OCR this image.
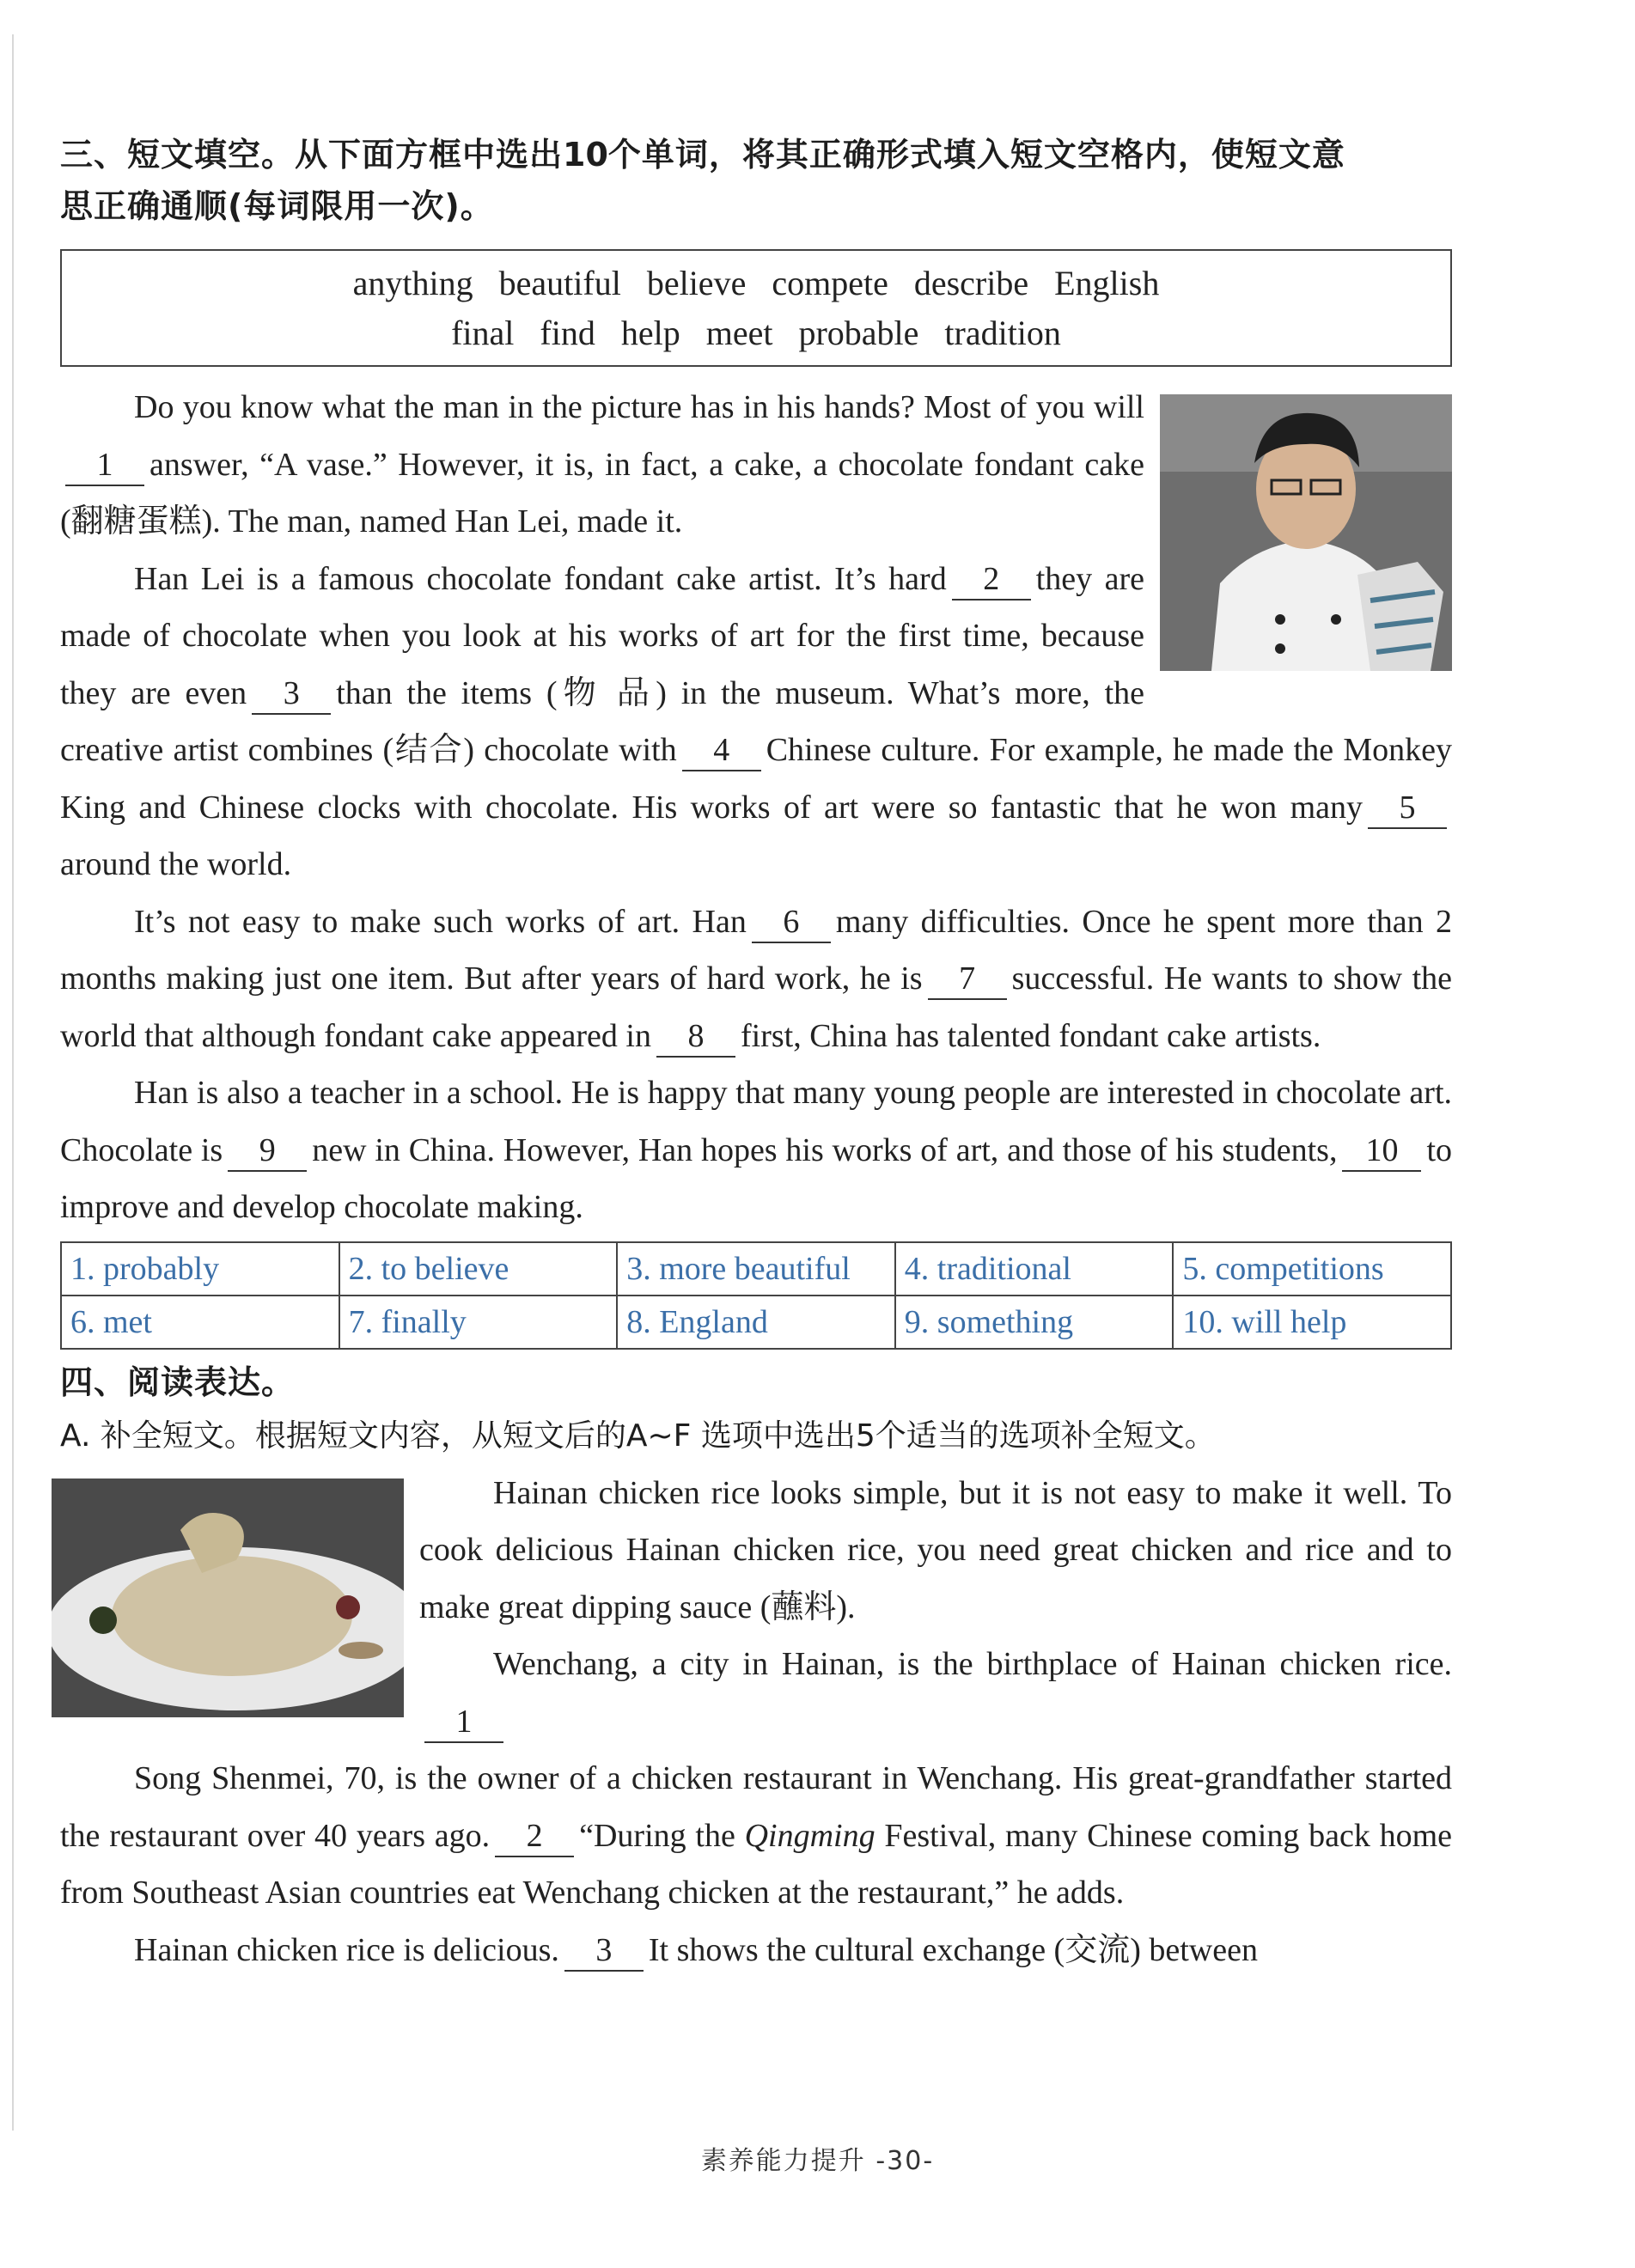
三、短文填空。从下面方框中选出10个单词，将其正确形式填入短文空格内，使短文意
思正确通顺(每词限用一次)。
anything beautiful believe compete describe English
final find help meet probable tradition

Do you know what the man in the picture has in his hands? Most of you will1 answer, “A vase.” However, it is, in fact, a cake, a chocolate fondant cake (翻糖蛋糕). The man, named Han Lei, made it.

Han Lei is a famous chocolate fondant cake artist. It’s hard 2 they are made of chocolate when you look at his works of art for the first time, because they are even 3 than the items (物 品) in the museum. What’s more, the creative artist combines (结合) chocolate with 4 Chinese culture. For example, he made the Monkey King and Chinese clocks with chocolate. His works of art were so fantastic that he won many 5around the world.

It’s not easy to make such works of art. Han 6 many difficulties. Once he spent more than 2 months making just one item. But after years of hard work, he is 7 successful. He wants to show the world that although fondant cake appeared in 8 first, China has talented fondant cake artists.

Han is also a teacher in a school. He is happy that many young people are interested in chocolate art. Chocolate is 9 new in China. However, Han hopes his works of art, and those of his students, 10 to improve and develop chocolate making.

1. probably	2. to believe	3. more beautiful	4. traditional	5. competitions
6. met	7. finally	8. England	9. something	10. will help
四、阅读表达。
A. 补全短文。根据短文内容，从短文后的A~F 选项中选出5个适当的选项补全短文。

Hainan chicken rice looks simple, but it is not easy to make it well. To cook delicious Hainan chicken rice, you need great chicken and rice and to make great dipping sauce (蘸料).

Wenchang, a city in Hainan, is the birthplace of Hainan chicken rice.1

Song Shenmei, 70, is the owner of a chicken restaurant in Wenchang. His great-grandfather started the restaurant over 40 years ago. 2 “During the Qingming Festival, many Chinese coming back home from Southeast Asian countries eat Wenchang chicken at the restaurant,” he adds.

Hainan chicken rice is delicious. 3 It shows the cultural exchange (交流) between

素养能力提升 -30-
